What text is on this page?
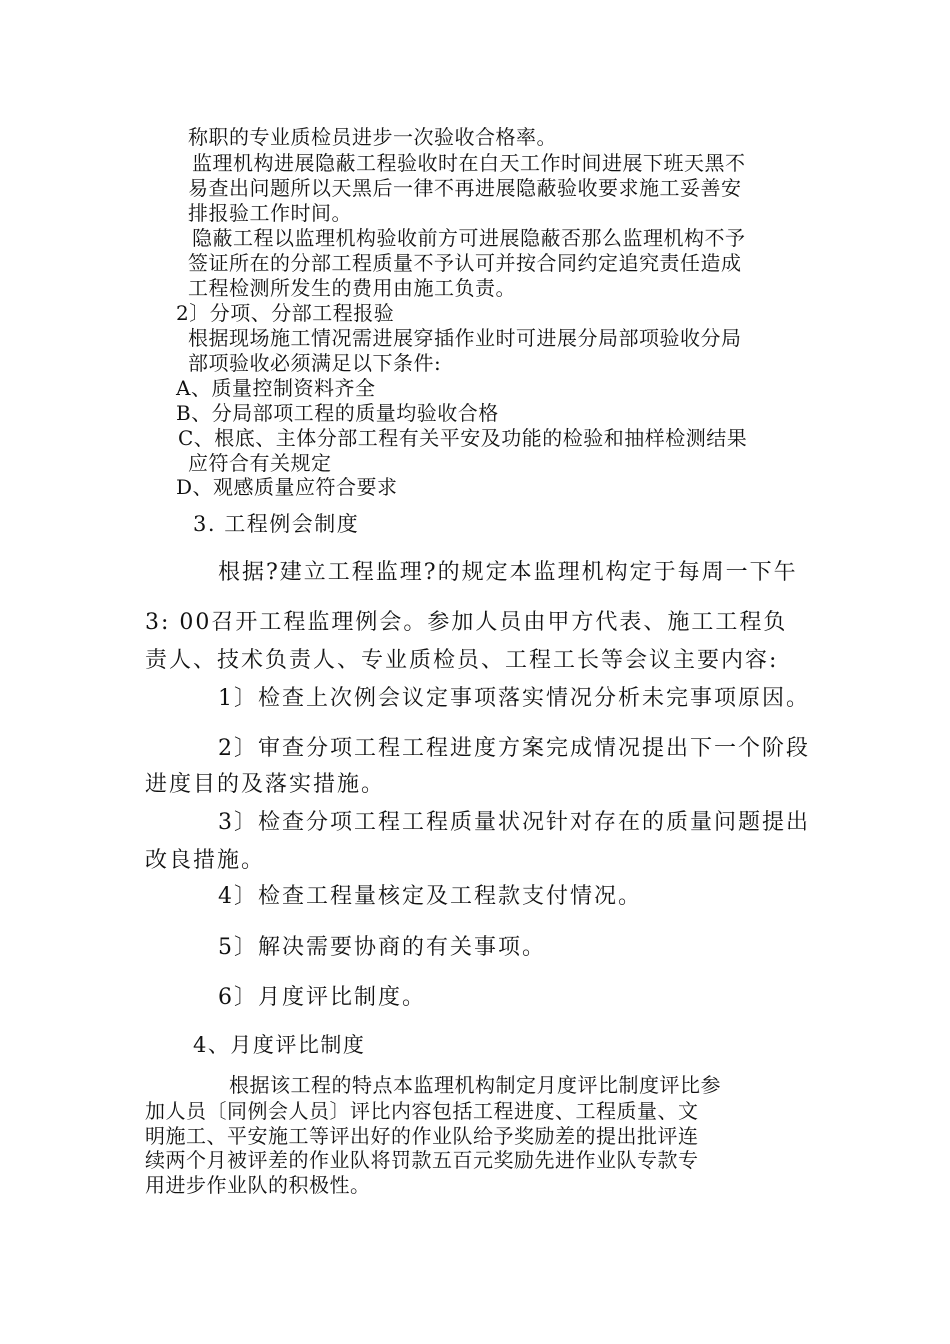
称职的专业质检员进步一次验收合格率。
监理机构进展隐蔽工程验收时在白天工作时间进展下班天黑不
易查出问题所以天黑后一律不再进展隐蔽验收要求施工妥善安
排报验工作时间。
隐蔽工程以监理机构验收前方可进展隐蔽否那么监理机构不予
签证所在的分部工程质量不予认可并按合同约定追究责任造成
工程检测所发生的费用由施工负责。
2〕分项、分部工程报验
根据现场施工情况需进展穿插作业时可进展分局部项验收分局
部项验收必须满足以下条件:
A、质量控制资料齐全
B、分局部项工程的质量均验收合格
C、根底、主体分部工程有关平安及功能的检验和抽样检测结果
应符合有关规定
D、观感质量应符合要求
3. 工程例会制度
根据?建立工程监理?的规定本监理机构定于每周一下午
3: 00召开工程监理例会。参加人员由甲方代表、施工工程负
责人、技术负责人、专业质检员、工程工长等会议主要内容:
1〕检查上次例会议定事项落实情况分析未完事项原因。
2〕审查分项工程工程进度方案完成情况提出下一个阶段
进度目的及落实措施。
3〕检查分项工程工程质量状况针对存在的质量问题提出
改良措施。
4〕检查工程量核定及工程款支付情况。
5〕解决需要协商的有关事项。
6〕月度评比制度。
4、月度评比制度
根据该工程的特点本监理机构制定月度评比制度评比参
加人员〔同例会人员〕评比内容包括工程进度、工程质量、文
明施工、平安施工等评出好的作业队给予奖励差的提出批评连
续两个月被评差的作业队将罚款五百元奖励先进作业队专款专
用进步作业队的积极性。
